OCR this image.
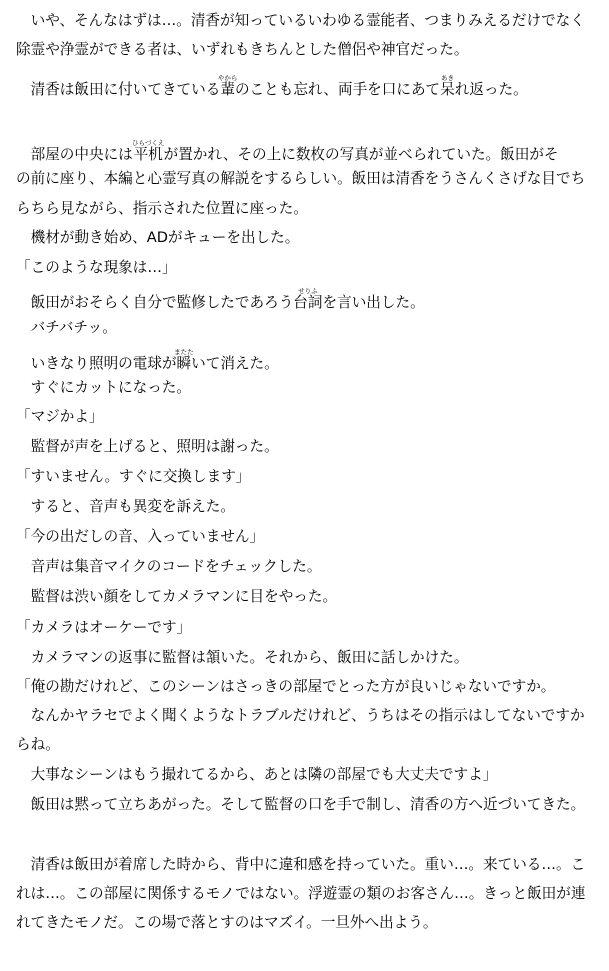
　いや、そんなはずは…。清香が知っているいわゆる霊能者、つまりみえるだけでなく
除霊や浄霊ができる者は、いずれもきちんとした僧侶や神官だった。
　清香は飯田に付いてきている輩やからのことも忘れ、両手を口にあて呆あきれ返った。
　部屋の中央には平机ひらづくえが置かれ、その上に数枚の写真が並べられていた。飯田がそ
の前に座り、本編と心霊写真の解説をするらしい。飯田は清香をうさんくさげな目でち
らちら見ながら、指示された位置に座った。
　機材が動き始め、ADがキューを出した。
「このような現象は…」
　飯田がおそらく自分で監修したであろう台詞せりふを言い出した。
　バチバチッ。
　いきなり照明の電球が瞬またたいて消えた。
　すぐにカットになった。
「マジかよ」
　監督が声を上げると、照明は謝った。
「すいません。すぐに交換します」
　すると、音声も異変を訴えた。
「今の出だしの音、入っていません」
　音声は集音マイクのコードをチェックした。
　監督は渋い顔をしてカメラマンに目をやった。
「カメラはオーケーです」
　カメラマンの返事に監督は頷いた。それから、飯田に話しかけた。
「俺の勘だけれど、このシーンはさっきの部屋でとった方が良いじゃないですか。
　なんかヤラセでよく聞くようなトラブルだけれど、うちはその指示はしてないですか
らね。
　大事なシーンはもう撮れてるから、あとは隣の部屋でも大丈夫ですよ」
　飯田は黙って立ちあがった。そして監督の口を手で制し、清香の方へ近づいてきた。
　清香は飯田が着席した時から、背中に違和感を持っていた。重い…。来ている…。こ
れは…。この部屋に関係するモノではない。浮遊霊の類のお客さん…。きっと飯田が連
れてきたモノだ。この場で落とすのはマズイ。一旦外へ出よう。
